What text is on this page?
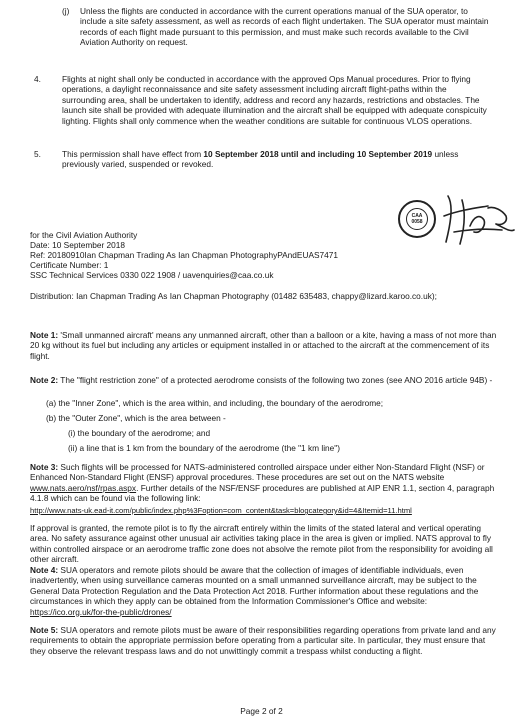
(j) Unless the flights are conducted in accordance with the current operations manual of the SUA operator, to include a site safety assessment, as well as records of each flight undertaken. The SUA operator must maintain records of each flight made pursuant to this permission, and must make such records available to the Civil Aviation Authority on request.

4.	Flights at night shall only be conducted in accordance with the approved Ops Manual procedures. Prior to flying operations, a daylight reconnaissance and site safety assessment including aircraft flight-paths within the surrounding area, shall be undertaken to identify, address and record any hazards, restrictions and obstacles. The launch site shall be provided with adequate illumination and the aircraft shall be equipped with adequate conspicuity lighting. Flights shall only commence when the weather conditions are suitable for continuous VLOS operations.

5.	This permission shall have effect from 10 September 2018 until and including 10 September 2019 unless previously varied, suspended or revoked.

CAA
0058

for the Civil Aviation Authority

Date: 10 September 2018

Ref: 20180910Ian Chapman Trading As Ian Chapman PhotographyPAndEUAS7471

Certificate Number: 1

SSC Technical Services 0330 022 1908 / uavenquiries@caa.co.uk

Distribution: Ian Chapman Trading As Ian Chapman Photography (01482 635483, chappy@lizard.karoo.co.uk);

Note 1: 'Small unmanned aircraft' means any unmanned aircraft, other than a balloon or a kite, having a mass of not more than 20 kg without its fuel but including any articles or equipment installed in or attached to the aircraft at the commencement of its flight.

Note 2: The "flight restriction zone" of a protected aerodrome consists of the following two zones (see ANO 2016 article 94B) -

(a) the "Inner Zone", which is the area within, and including, the boundary of the aerodrome;

(b) the "Outer Zone", which is the area between -

(i) the boundary of the aerodrome; and

(ii) a line that is 1 km from the boundary of the aerodrome (the "1 km line")

Note 3: Such flights will be processed for NATS-administered controlled airspace under either Non-Standard Flight (NSF) or Enhanced Non-Standard Flight (ENSF) approval procedures. These procedures are set out on the NATS website www.nats.aero/nsf/rpas.aspx. Further details of the NSF/ENSF procedures are published at AIP ENR 1.1, section 4, paragraph 4.1.8 which can be found via the following link:

http://www.nats-uk.ead-it.com/public/index.php%3Foption=com_content&task=blogcategory&id=4&Itemid=11.html

If approval is granted, the remote pilot is to fly the aircraft entirely within the limits of the stated lateral and vertical operating area. No safety assurance against other unusual air activities taking place in the area is given or implied. NATS approval to fly within controlled airspace or an aerodrome traffic zone does not absolve the remote pilot from the responsibility for avoiding all other aircraft.

Note 4: SUA operators and remote pilots should be aware that the collection of images of identifiable individuals, even inadvertently, when using surveillance cameras mounted on a small unmanned surveillance aircraft, may be subject to the General Data Protection Regulation and the Data Protection Act 2018. Further information about these regulations and the circumstances in which they apply can be obtained from the Information Commissioner's Office and website: https://ico.org.uk/for-the-public/drones/

Note 5: SUA operators and remote pilots must be aware of their responsibilities regarding operations from private land and any requirements to obtain the appropriate permission before operating from a particular site. In particular, they must ensure that they observe the relevant trespass laws and do not unwittingly commit a trespass whilst conducting a flight.

Page 2 of 2
